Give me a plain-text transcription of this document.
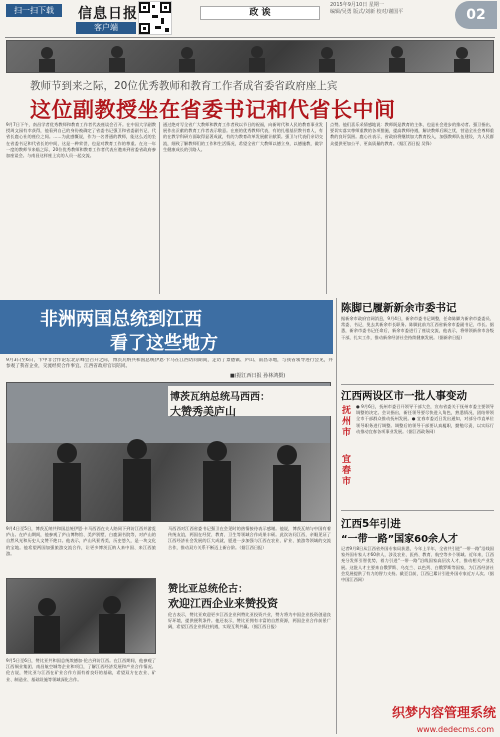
扫一扫下载	信息日报
客户端
政 诶
2015年9月10日 星期一
编辑/吴勇 版式/刘新 校对/谢国平	02
教师节到来之际，20位优秀教师和教育工作者成省委省政府座上宾
这位副教授坐在省委书记和代省长中间
9月7日下午，南昌学者优秀教师和教育工作者代表座谈会召开。在中国大学副教授周文园有幸获得，他看到自己的身份被确定了省委书记强卫和省委副书记、代省长鹿心社的座位之间。……为此感慨说，作为一名普通的教师，能这么近的坐在省委书记和代省长的中间，这是一种荣誉，也是对教育工作的尊重。在这一年一度的教师节来临之际，20位优秀教师和教育工作者代表应邀来到省委省政府参加座谈会。与南昌这样座上宾的人员一起交流。
通过绝对写全省广大教师和教育工作者致以节日的祝福，向新时代和人民的教育事业发展作出贡献的教育工作者表示敬意。在座的优秀教师代表，有的扎根基层教书育人，有的在教学科研方面取得显著成就，有的为教育改革发展献计献策。强卫与代表们亲切交流，细致了解教师们的工作和生活情况，希望全省广大教师以德立身，以德施教，做学生健康成长的引路人。
点赞。他们喜乐采情感地说：教师既是教育的主体，也是社会进步的推动者。强卫指出，要切实落实尊师重教的各项措施，提高教师待遇，解决教师后顾之忧，营造全社会尊师重教的良好氛围。鹿心社表示，省政府将继续加大教育投入，加强教师队伍建设，为人民群众提供更加公平、更高质量的教育。（据江西日报 吴锋）
非洲两国总统到江西
看了这些地方
9月3日至6日，卡中非合作论坛北京峰会召开之际，博茨瓦纳共和国总统伊恩·卡马在江西访问期间，走访了景德镇、庐山、南昌等地，与我省领导进行会见，并参观了我省企业，交流经贸合作事宜。江西省政府官员陪同。
■(据江西日报 孙林鸿摄)
9月4日至5日，博茨瓦纳共和国总统伊恩·卡马西西在夫人陪同下到访江西并游览庐山。在庐山期间，他参观了庐山博物馆、美庐别墅、白鹿洞书院等，对庐山的自然风光和历史人文赞不绝口。他表示，庐山风景秀美，历史悠久，是一块文化的宝地。他希望两国加强旅游交流合作，让更多博茨瓦纳人来中国、来江西旅游。
马西西对江西省委书记强卫在会见时的热情接待表示感谢。他说，博茨瓦纳与中国有着传统友谊，两国在经贸、教育、卫生等领域合作成果丰硕。此次访问江西，亲眼见证了江西经济社会发展的巨大成就，愿进一步加强与江西在农业、矿业、旅游等领域的交流合作，推动双方关系不断迈上新台阶。（据江西日报）
博茨瓦纳总统马西西：
大赞秀美庐山
赞比亚总统伦古：
欢迎江西企业来赞投资
伦古表示，赞比亚欢迎更多江西企业到赞比亚投资兴业，赞方将为中国企业投资创造良好环境，提供便利条件。他还表示，赞比亚拥有丰富的自然资源，两国企业合作前景广阔，希望江西企业抓住机遇，实现互利共赢。（据江西日报）
9月5日至6日，赞比亚共和国总统埃德加·伦古到访江西。在江西期间，他参观了江西铜业集团、南昌航空城等企业和项目，了解江西经济发展和产业合作情况。伦古说，赞比亚与江西在矿业合作方面有着良好的基础，希望双方在农业、矿业、制造业、基础设施等领域深化合作。
陈脚已履新新余市委书记
据新余市政府官网消息，9月4日，新余市委书记调整，任命陈脚为新余市委委员、常委、书记，免去其新余市长职务。陈脚此前为江西省新余市委副书记、市长。据悉，新余市委书记任命后，新余市委进行了座谈交流，他表示，将带领新余市各级干部，扎实工作，推动新余经济社会持续健康发展。（据新余日报）
江西两设区市一批人事变动
抚州市
宜春市
● 9月6日，抚州市委召开领导干部大会，宣布省委关于抚州市委主要领导调整的决定。会议指出，新任领导要尽快进入角色，熟悉情况，团结带领全市干部群众推动抚州发展。● 宜春市委近日发出通知，对部分市直单位领导职务进行调整。调整后的领导干部要认真履职，勤勉尽责，以实际行动推动宜春各项事业发展。（据江西政务网）
江西5年引进
“一带一路”国家60余人才
记者9月8日从江西省外国专家局获悉，今年上半年，全省共引进“一带一路”沿线国家外国专家人才60余人，涉及农业、医药、教育、航空等多个领域。近年来，江西充分发挥引智优势，着力引进“一带一路”沿线国家高层次人才，推动相关产业发展。这批人才主要来自俄罗斯、乌克兰、以色列、白俄罗斯等国家，为江西经济社会发展提供了有力的智力支持。截至目前，江西已累计引进外国专家近万人次。（据中国江西网）
织梦内容管理系统
www.dedecms.com
